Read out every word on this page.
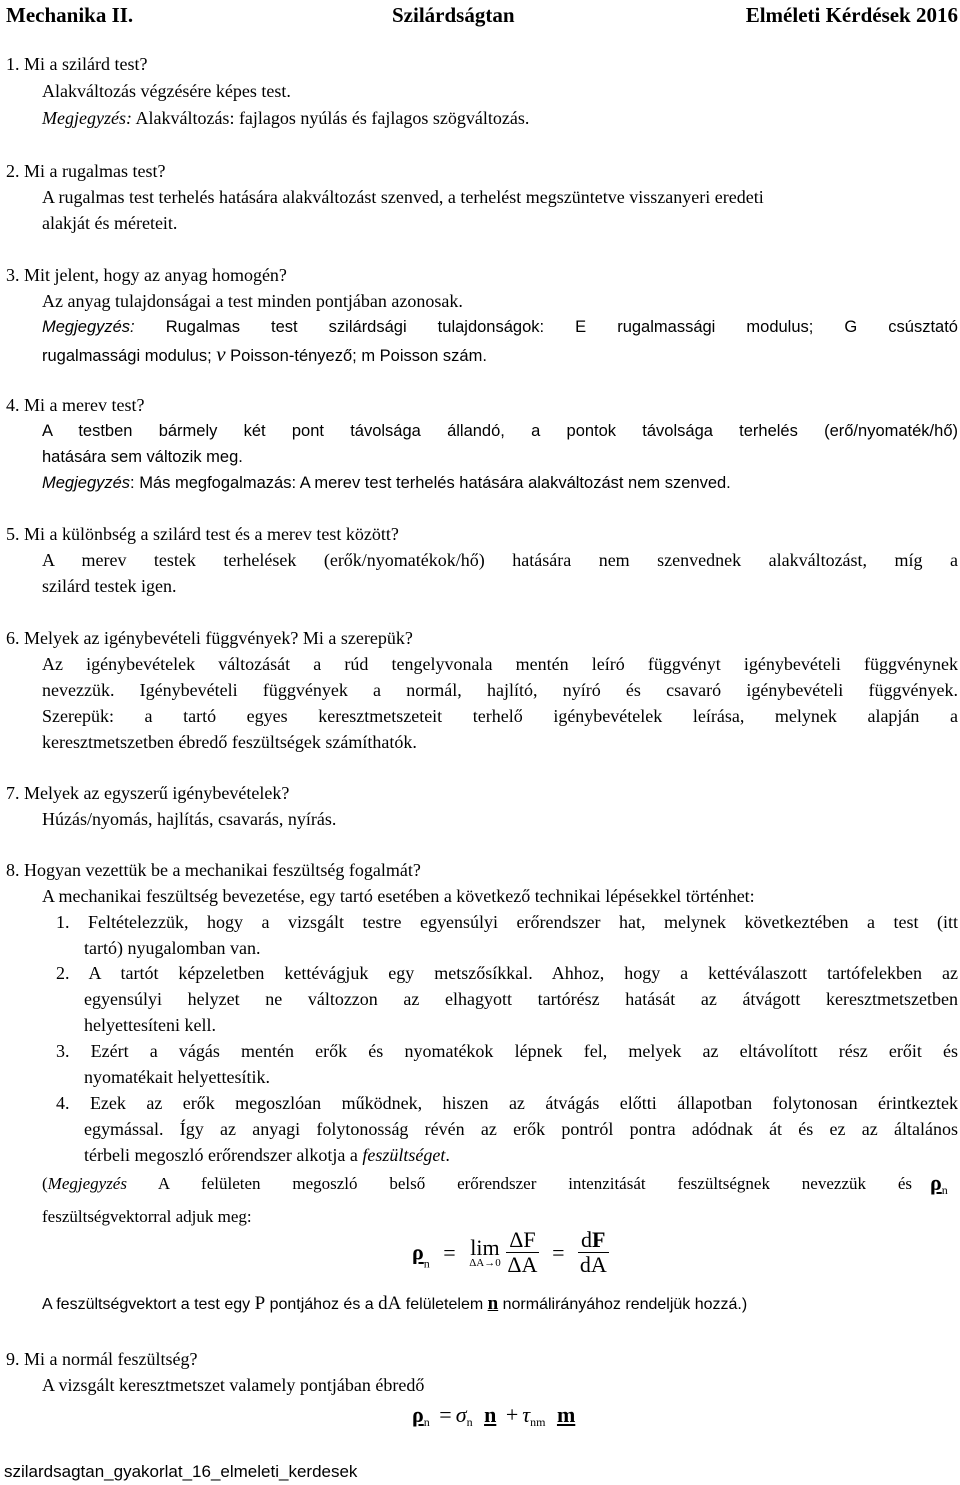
Mechanika II.	Szilárdságtan	Elméleti Kérdések 2016
1. Mi a szilárd test?
Alakváltozás végzésére képes test.
Megjegyzés: Alakváltozás: fajlagos nyúlás és fajlagos szögváltozás.
2. Mi a rugalmas test?
A rugalmas test terhelés hatására alakváltozást szenved, a terhelést megszüntetve visszanyeri eredeti
alakját és méreteit.
3. Mit jelent, hogy az anyag homogén?
Az anyag tulajdonságai a test minden pontjában azonosak.
Megjegyzés: Rugalmas test szilárdsági tulajdonságok: E rugalmassági modulus; G csúsztató
rugalmassági modulus; ν Poisson-tényező; m Poisson szám.
4. Mi a merev test?
A testben bármely két pont távolsága állandó, a pontok távolsága terhelés (erő/nyomaték/hő)
hatására sem változik meg.
Megjegyzés: Más megfogalmazás: A merev test terhelés hatására alakváltozást nem szenved.
5. Mi a különbség a szilárd test és a merev test között?
A merev testek terhelések (erők/nyomatékok/hő) hatására nem szenvednek alakváltozást, míg a
szilárd testek igen.
6. Melyek az igénybevételi függvények? Mi a szerepük?
Az igénybevételek változását a rúd tengelyvonala mentén leíró függvényt igénybevételi függvénynek
nevezzük. Igénybevételi függvények a normál, hajlító, nyíró és csavaró igénybevételi függvények.
Szerepük: a tartó egyes keresztmetszeteit terhelő igénybevételek leírása, melynek alapján a
keresztmetszetben ébredő feszültségek számíthatók.
7. Melyek az egyszerű igénybevételek?
Húzás/nyomás, hajlítás, csavarás, nyírás.
8. Hogyan vezettük be a mechanikai feszültség fogalmát?
A mechanikai feszültség bevezetése, egy tartó esetében a következő technikai lépésekkel történhet:
1. Feltételezzük, hogy a vizsgált testre egyensúlyi erőrendszer hat, melynek következtében a test (itt
tartó) nyugalomban van.
2. A tartót képzeletben kettévágjuk egy metszősíkkal. Ahhoz, hogy a kettéválaszott tartófelekben az
egyensúlyi helyzet ne változzon az elhagyott tartórész hatását az átvágott keresztmetszetben
helyettesíteni kell.
3. Ezért a vágás mentén erők és nyomatékok lépnek fel, melyek az eltávolított rész erőit és
nyomatékait helyettesítik.
4. Ezek az erők megoszlóan működnek, hiszen az átvágás előtti állapotban folytonosan érintkeztek
egymással. Így az anyagi folytonosság révén az erők pontról pontra adódnak át és ez az általános
térbeli megoszló erőrendszer alkotja a feszültséget.
(Megjegyzés A felületen megoszló belső erőrendszer intenzitását feszültségnek nevezzük és $\rho_n$
feszültségvektorral adjuk meg:
$\rho_n = \lim$
ΔA→0
$\frac{\Delta F}{\Delta A} = \frac{dF}{dA}$
A feszültségvektort a test egy P pontjához és a dA felületelem n normálirányához rendeljük hozzá.)
9. Mi a normál feszültség?
A vizsgált keresztmetszet valamely pontjában ébredő
$\rho_n = \sigma_n$ $n + \tau_{nm}$ m
szilardsagtan_gyakorlat_16_elmeleti_kerdesek
